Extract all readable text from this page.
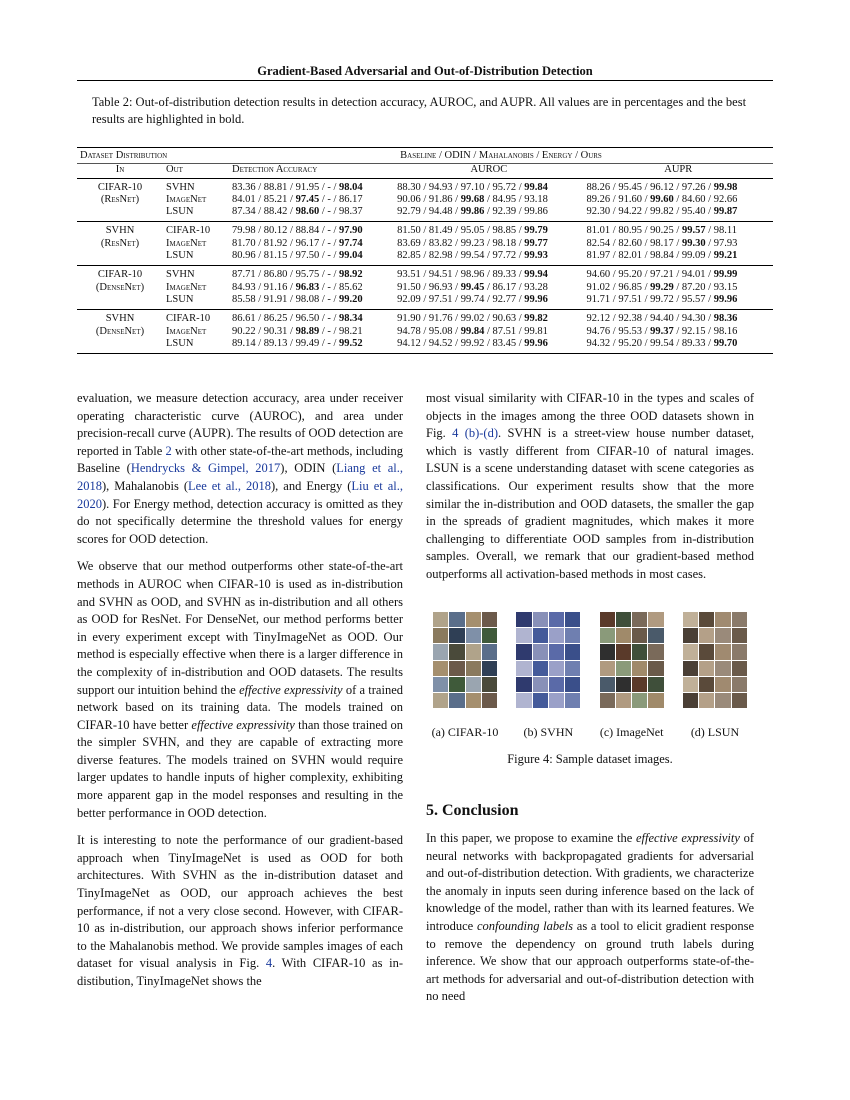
Gradient-Based Adversarial and Out-of-Distribution Detection
Table 2: Out-of-distribution detection results in detection accuracy, AUROC, and AUPR. All values are in percentages and the best results are highlighted in bold.
Dataset Distribution		Baseline / ODIN / Mahalanobis / Energy / Ours		
In	Out	Detection Accuracy	AUROC	AUPR
CIFAR-10	SVHN	83.36 / 88.81 / 91.95 / - / 98.04	88.30 / 94.93 / 97.10 / 95.72 / 99.84	88.26 / 95.45 / 96.12 / 97.26 / 99.98
(ResNet)	ImageNet	84.01 / 85.21 / 97.45 / - / 86.17	90.06 / 91.86 / 99.68 / 84.95 / 93.18	89.26 / 91.60 / 99.60 / 84.60 / 92.66
	LSUN	87.34 / 88.42 / 98.60 / - / 98.37	92.79 / 94.48 / 99.86 / 92.39 / 99.86	92.30 / 94.22 / 99.82 / 95.40 / 99.87
SVHN	CIFAR-10	79.98 / 80.12 / 88.84 / - / 97.90	81.50 / 81.49 / 95.05 / 98.85 / 99.79	81.01 / 80.95 / 90.25 / 99.57 / 98.11
(ResNet)	ImageNet	81.70 / 81.92 / 96.17 / - / 97.74	83.69 / 83.82 / 99.23 / 98.18 / 99.77	82.54 / 82.60 / 98.17 / 99.30 / 97.93
	LSUN	80.96 / 81.15 / 97.50 / - / 99.04	82.85 / 82.98 / 99.54 / 97.72 / 99.93	81.97 / 82.01 / 98.84 / 99.09 / 99.21
CIFAR-10	SVHN	87.71 / 86.80 / 95.75 / - / 98.92	93.51 / 94.51 / 98.96 / 89.33 / 99.94	94.60 / 95.20 / 97.21 / 94.01 / 99.99
(DenseNet)	ImageNet	84.93 / 91.16 / 96.83 / - / 85.62	91.50 / 96.93 / 99.45 / 86.17 / 93.28	91.02 / 96.85 / 99.29 / 87.20 / 93.15
	LSUN	85.58 / 91.91 / 98.08 / - / 99.20	92.09 / 97.51 / 99.74 / 92.77 / 99.96	91.71 / 97.51 / 99.72 / 95.57 / 99.96
SVHN	CIFAR-10	86.61 / 86.25 / 96.50 / - / 98.34	91.90 / 91.76 / 99.02 / 90.63 / 99.82	92.12 / 92.38 / 94.40 / 94.30 / 98.36
(DenseNet)	ImageNet	90.22 / 90.31 / 98.89 / - / 98.21	94.78 / 95.08 / 99.84 / 87.51 / 99.81	94.76 / 95.53 / 99.37 / 92.15 / 98.16
	LSUN	89.14 / 89.13 / 99.49 / - / 99.52	94.12 / 94.52 / 99.92 / 83.45 / 99.96	94.32 / 95.20 / 99.54 / 89.33 / 99.70

evaluation, we measure detection accuracy, area under receiver operating characteristic curve (AUROC), and area under precision-recall curve (AUPR). The results of OOD detection are reported in Table 2 with other state-of-the-art methods, including Baseline (Hendrycks & Gimpel, 2017), ODIN (Liang et al., 2018), Mahalanobis (Lee et al., 2018), and Energy (Liu et al., 2020). For Energy method, detection accuracy is omitted as they do not specifically determine the threshold values for energy scores for OOD detection.

We observe that our method outperforms other state-of-the-art methods in AUROC when CIFAR-10 is used as in-distribution and SVHN as OOD, and SVHN as in-distribution and all others as OOD for ResNet. For DenseNet, our method performs better in every experiment except with TinyImageNet as OOD. Our method is especially effective when there is a larger difference in the complexity of in-distribution and OOD datasets. The results support our intuition behind the effective expressivity of a trained network based on its training data. The models trained on CIFAR-10 have better effective expressivity than those trained on the simpler SVHN, and they are capable of extracting more diverse features. The models trained on SVHN would require larger updates to handle inputs of higher complexity, exhibiting more apparent gap in the model responses and resulting in the better performance in OOD detection.

It is interesting to note the performance of our gradient-based approach when TinyImageNet is used as OOD for both architectures. With SVHN as the in-distribution dataset and TinyImageNet as OOD, our approach achieves the best performance, if not a very close second. However, with CIFAR-10 as in-distribution, our approach shows inferior performance to the Mahalanobis method. We provide samples images of each dataset for visual analysis in Fig. 4. With CIFAR-10 as in-distibution, TinyImageNet shows the

most visual similarity with CIFAR-10 in the types and scales of objects in the images among the three OOD datasets shown in Fig. 4 (b)-(d). SVHN is a street-view house number dataset, which is vastly different from CIFAR-10 of natural images. LSUN is a scene understanding dataset with scene categories as classifications. Our experiment results show that the more similar the in-distribution and OOD datasets, the smaller the gap in the spreads of gradient magnitudes, which makes it more challenging to differentiate OOD samples from in-distribution samples. Overall, we remark that our gradient-based method outperforms all activation-based methods in most cases.

(a) CIFAR-10	(b) SVHN	(c) ImageNet	(d) LSUN
Figure 4: Sample dataset images.
5. Conclusion

In this paper, we propose to examine the effective expressivity of neural networks with backpropagated gradients for adversarial and out-of-distribution detection. With gradients, we characterize the anomaly in inputs seen during inference based on the lack of knowledge of the model, rather than with its learned features. We introduce confounding labels as a tool to elicit gradient response to remove the dependency on ground truth labels during inference. We show that our approach outperforms state-of-the-art methods for adversarial and out-of-distribution detection with no need
